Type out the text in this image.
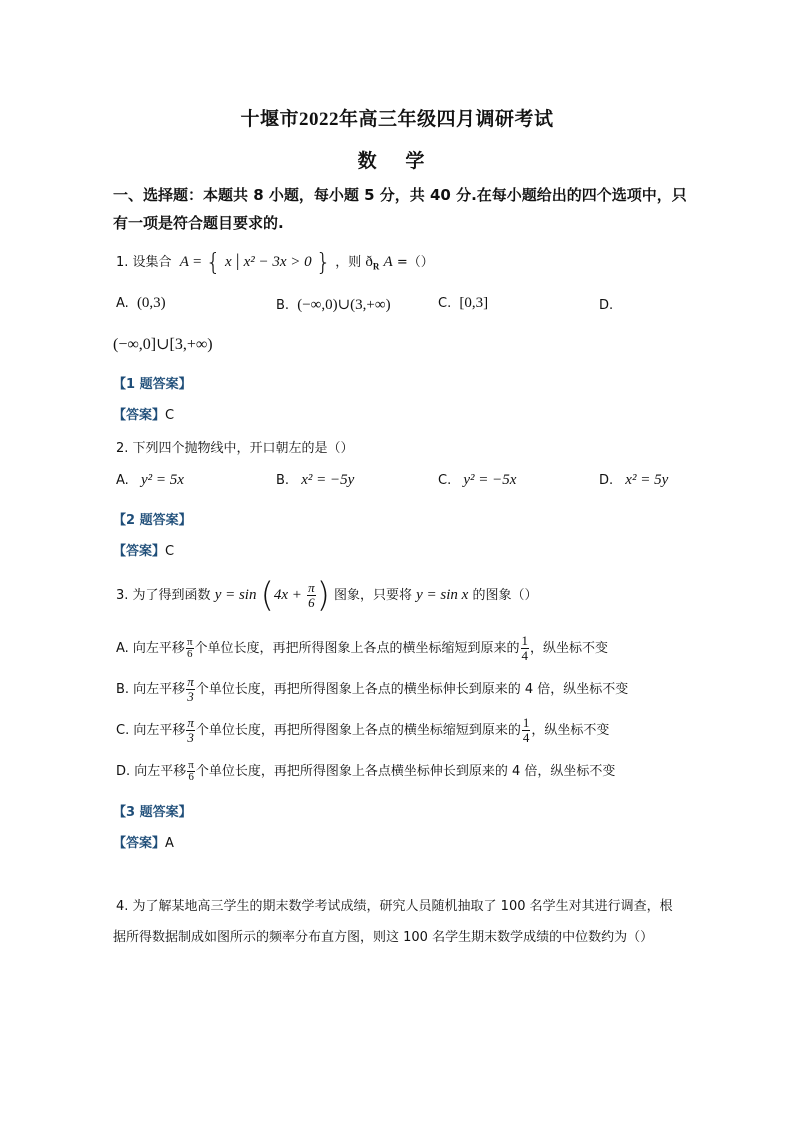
十堰市2022年高三年级四月调研考试
数 学
一、选择题：本题共 8 小题，每小题 5 分，共 40 分.在每小题给出的四个选项中，只
有一项是符合题目要求的.
1. 设集合 A = { x | x² − 3x > 0 } ，则 $ð_R$ A =（）
A. (0,3)	B. (−∞,0)∪(3,+∞)	C. [0,3]	D.
(−∞,0]∪[3,+∞)
【1 题答案】
【答案】C
2. 下列四个抛物线中，开口朝左的是（）
A. y² = 5x	B. x² = −5y	C. y² = −5x	D. x² = 5y
【2 题答案】
【答案】C
3. 为了得到函数 $y = \sin (4x + \frac{\pi}{6}$ ) 图象，只要将 y = sin x 的图象（）
A. 向左平移 $\frac{\pi}{6}$ 个单位长度，再把所得图象上各点的横坐标缩短到原来的 $\frac{1}{4}$ ，纵坐标不变
B. 向左平移 $\frac{\pi}{3}$ 个单位长度，再把所得图象上各点的横坐标伸长到原来的 4 倍，纵坐标不变
C. 向左平移 $\frac{\pi}{3}$ 个单位长度，再把所得图象上各点的横坐标缩短到原来的 $\frac{1}{4}$ ，纵坐标不变
D. 向左平移 $\frac{\pi}{6}$ 个单位长度，再把所得图象上各点横坐标伸长到原来的 4 倍，纵坐标不变
【3 题答案】
【答案】A
4. 为了解某地高三学生的期末数学考试成绩，研究人员随机抽取了 100 名学生对其进行调查，根
据所得数据制成如图所示的频率分布直方图，则这 100 名学生期末数学成绩的中位数约为（）
